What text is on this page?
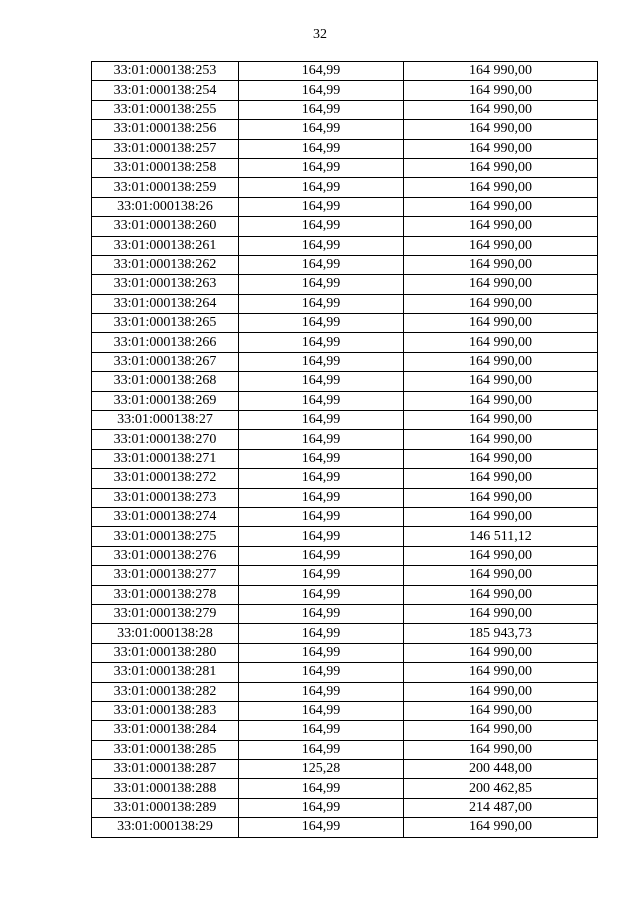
32
33:01:000138:253	164,99	164 990,00
33:01:000138:254	164,99	164 990,00
33:01:000138:255	164,99	164 990,00
33:01:000138:256	164,99	164 990,00
33:01:000138:257	164,99	164 990,00
33:01:000138:258	164,99	164 990,00
33:01:000138:259	164,99	164 990,00
33:01:000138:26	164,99	164 990,00
33:01:000138:260	164,99	164 990,00
33:01:000138:261	164,99	164 990,00
33:01:000138:262	164,99	164 990,00
33:01:000138:263	164,99	164 990,00
33:01:000138:264	164,99	164 990,00
33:01:000138:265	164,99	164 990,00
33:01:000138:266	164,99	164 990,00
33:01:000138:267	164,99	164 990,00
33:01:000138:268	164,99	164 990,00
33:01:000138:269	164,99	164 990,00
33:01:000138:27	164,99	164 990,00
33:01:000138:270	164,99	164 990,00
33:01:000138:271	164,99	164 990,00
33:01:000138:272	164,99	164 990,00
33:01:000138:273	164,99	164 990,00
33:01:000138:274	164,99	164 990,00
33:01:000138:275	164,99	146 511,12
33:01:000138:276	164,99	164 990,00
33:01:000138:277	164,99	164 990,00
33:01:000138:278	164,99	164 990,00
33:01:000138:279	164,99	164 990,00
33:01:000138:28	164,99	185 943,73
33:01:000138:280	164,99	164 990,00
33:01:000138:281	164,99	164 990,00
33:01:000138:282	164,99	164 990,00
33:01:000138:283	164,99	164 990,00
33:01:000138:284	164,99	164 990,00
33:01:000138:285	164,99	164 990,00
33:01:000138:287	125,28	200 448,00
33:01:000138:288	164,99	200 462,85
33:01:000138:289	164,99	214 487,00
33:01:000138:29	164,99	164 990,00
